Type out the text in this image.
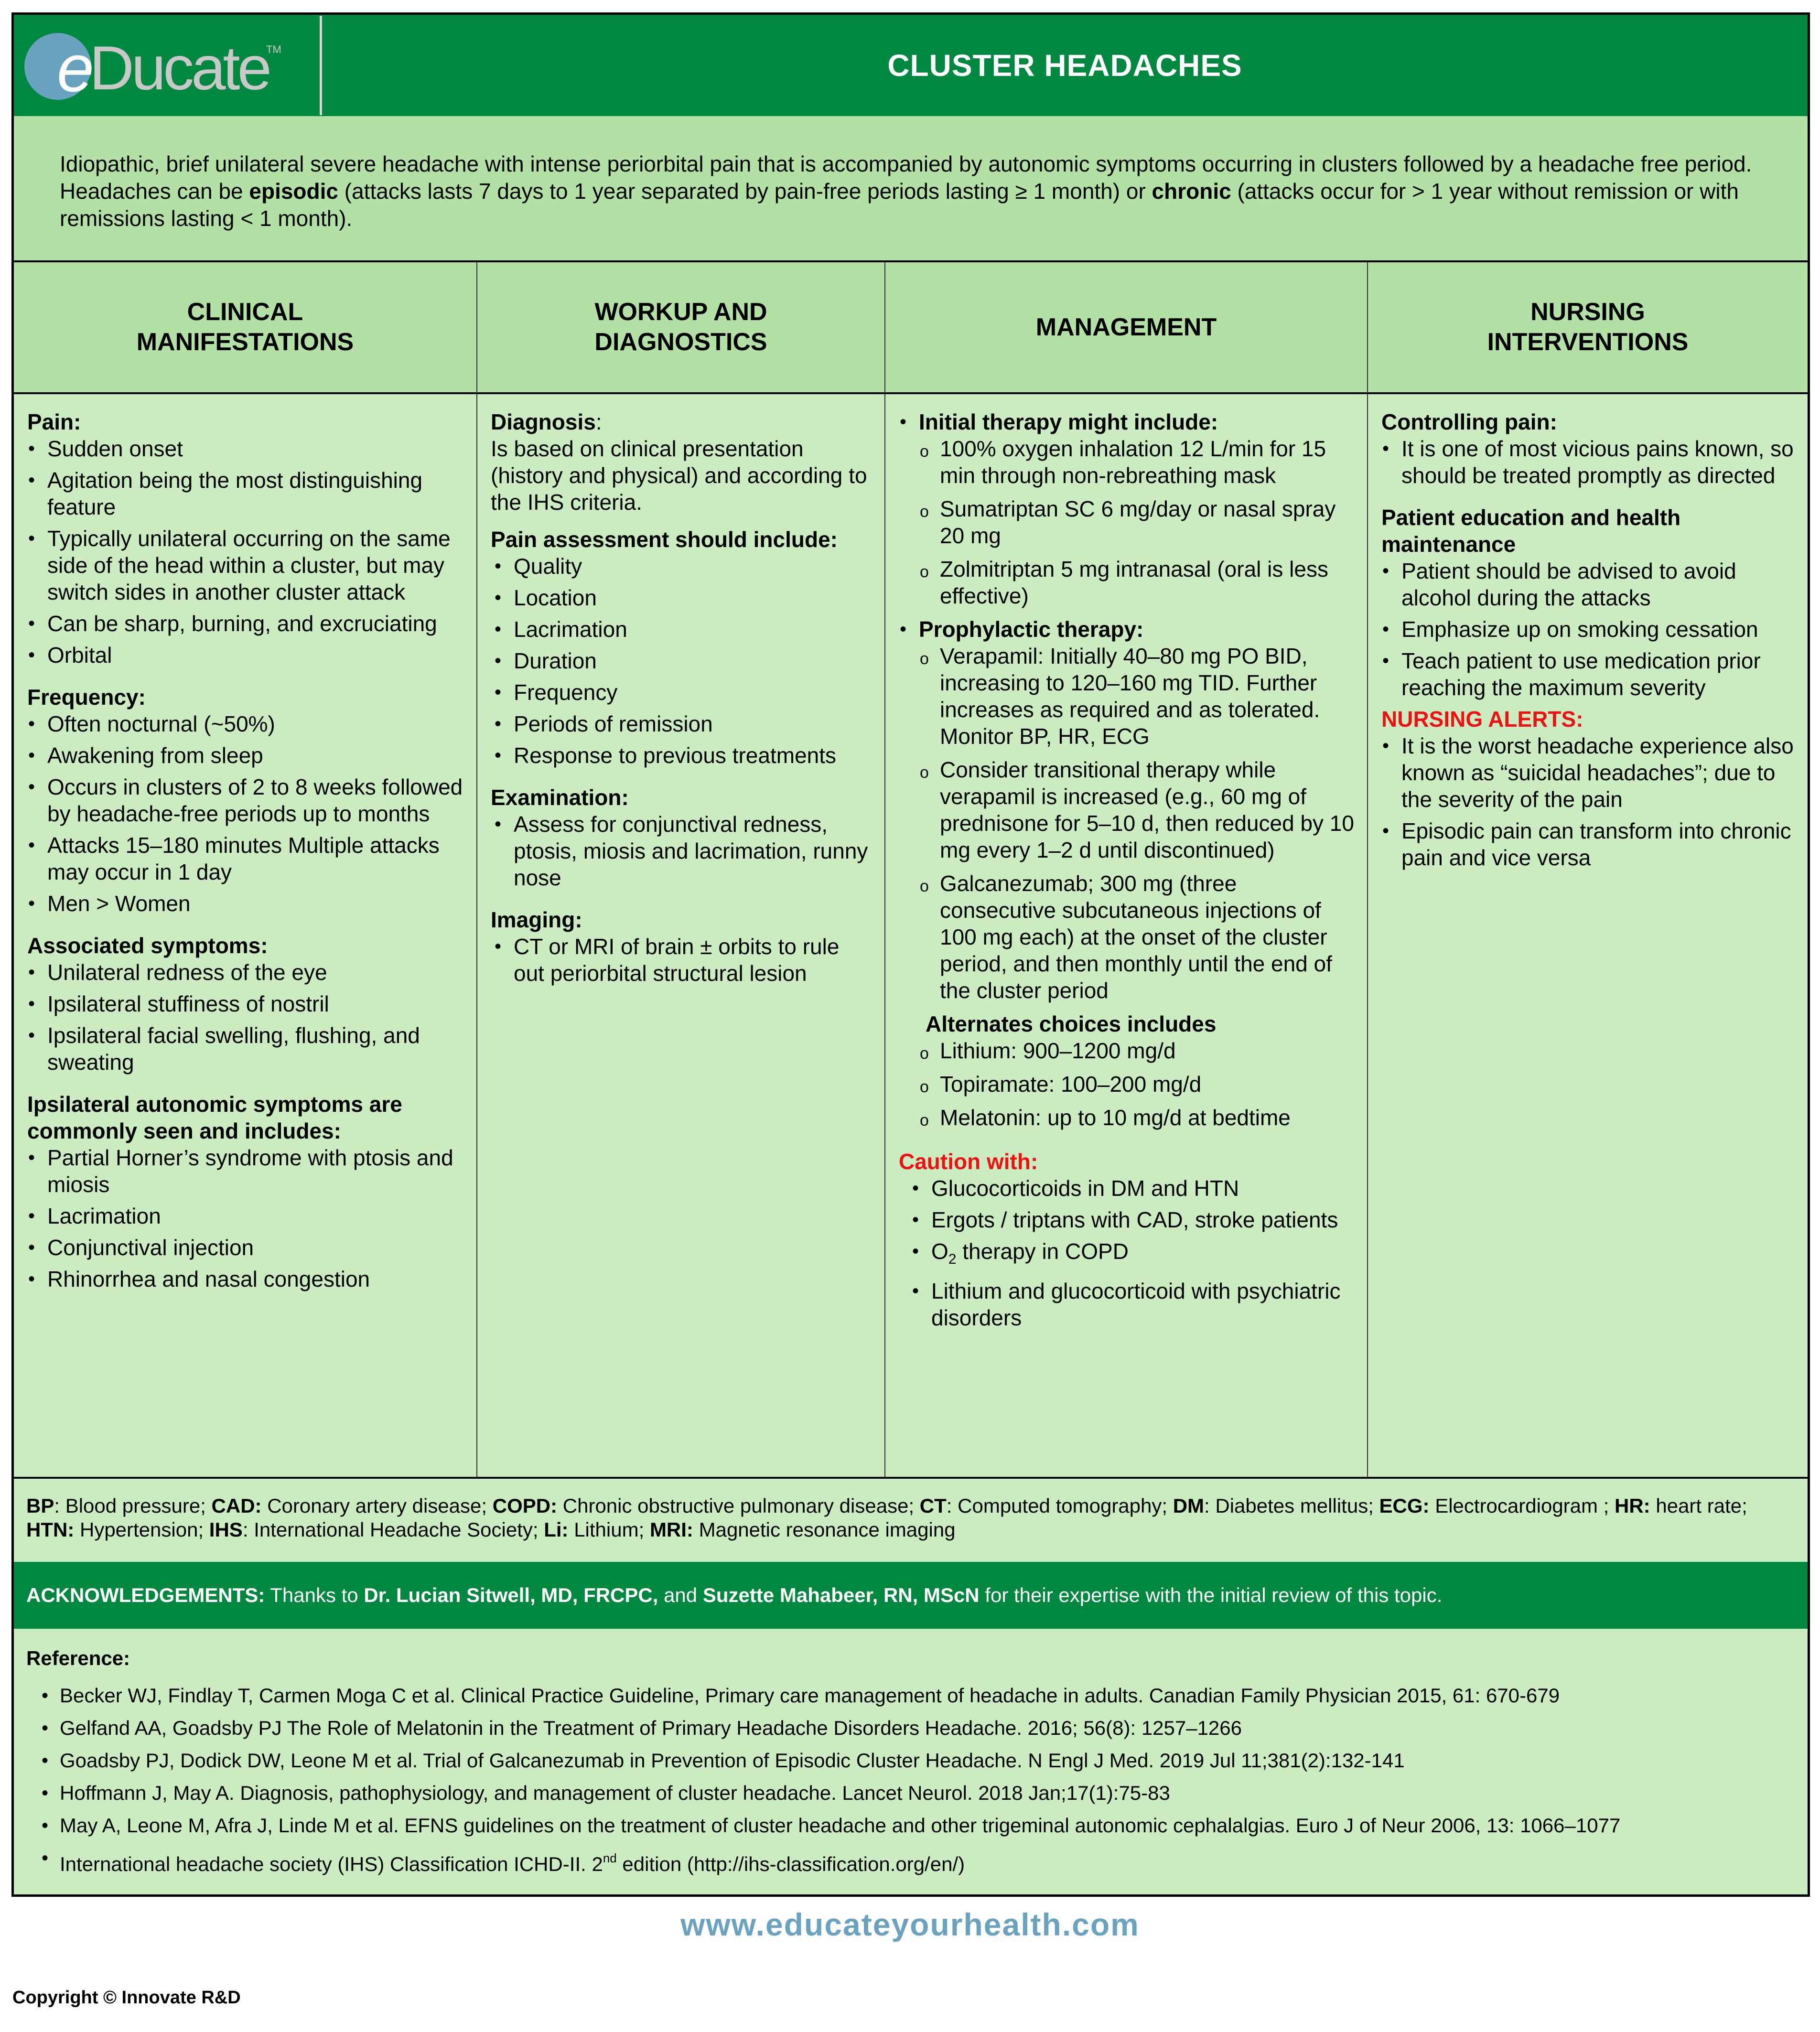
e
Ducate
TM	CLUSTER HEADACHES
Idiopathic, brief unilateral severe headache with intense periorbital pain that is accompanied by autonomic symptoms occurring in clusters followed by a headache free period. Headaches can be episodic (attacks lasts 7 days to 1 year separated by pain-free periods lasting ≥ 1 month) or chronic (attacks occur for > 1 year without remission or with remissions lasting < 1 month).
CLINICAL
MANIFESTATIONS
WORKUP AND
DIAGNOSTICS
MANAGEMENT
NURSING
INTERVENTIONS
Pain:
• Sudden onset
• Agitation being the most distinguishing feature
• Typically unilateral occurring on the same side of the head within a cluster, but may switch sides in another cluster attack
• Can be sharp, burning, and excruciating
• Orbital
Frequency:
• Often nocturnal (~50%)
• Awakening from sleep
• Occurs in clusters of 2 to 8 weeks followed by headache-free periods up to months
• Attacks 15–180 minutes Multiple attacks may occur in 1 day
• Men > Women
Associated symptoms:
• Unilateral redness of the eye
• Ipsilateral stuffiness of nostril
• Ipsilateral facial swelling, flushing, and sweating
Ipsilateral autonomic symptoms are commonly seen and includes:
• Partial Horner’s syndrome with ptosis and miosis
• Lacrimation
• Conjunctival injection
• Rhinorrhea and nasal congestion
Diagnosis:
Is based on clinical presentation (history and physical) and according to the IHS criteria.
Pain assessment should include:
• Quality
• Location
• Lacrimation
• Duration
• Frequency
• Periods of remission
• Response to previous treatments
Examination:
• Assess for conjunctival redness, ptosis, miosis and lacrimation, runny nose
Imaging:
• CT or MRI of brain ± orbits to rule out periorbital structural lesion
• Initial therapy might include:
o 100% oxygen inhalation 12 L/min for 15 min through non-rebreathing mask
o Sumatriptan SC 6 mg/day or nasal spray 20 mg
o Zolmitriptan 5 mg intranasal (oral is less effective)
• Prophylactic therapy:
o Verapamil: Initially 40–80 mg PO BID, increasing to 120–160 mg TID. Further increases as required and as tolerated. Monitor BP, HR, ECG
o Consider transitional therapy while verapamil is increased (e.g., 60 mg of prednisone for 5–10 d, then reduced by 10 mg every 1–2 d until discontinued)
o Galcanezumab; 300 mg (three consecutive subcutaneous injections of 100 mg each) at the onset of the cluster period, and then monthly until the end of the cluster period
Alternates choices includes
o Lithium: 900–1200 mg/d
o Topiramate: 100–200 mg/d
o Melatonin: up to 10 mg/d at bedtime
Caution with:
• Glucocorticoids in DM and HTN
• Ergots / triptans with CAD, stroke patients
• $O_2$ therapy in COPD
• Lithium and glucocorticoid with psychiatric disorders
Controlling pain:
• It is one of most vicious pains known, so should be treated promptly as directed
Patient education and health maintenance
• Patient should be advised to avoid alcohol during the attacks
• Emphasize up on smoking cessation
• Teach patient to use medication prior reaching the maximum severity
NURSING ALERTS:
• It is the worst headache experience also known as “suicidal headaches”; due to the severity of the pain
• Episodic pain can transform into chronic pain and vice versa
BP: Blood pressure; CAD: Coronary artery disease; COPD: Chronic obstructive pulmonary disease; CT: Computed tomography; DM: Diabetes mellitus; ECG: Electrocardiogram ; HR: heart rate; HTN: Hypertension; IHS: International Headache Society; Li: Lithium; MRI: Magnetic resonance imaging
ACKNOWLEDGEMENTS: Thanks to Dr. Lucian Sitwell, MD, FRCPC, and Suzette Mahabeer, RN, MScN for their expertise with the initial review of this topic.
Reference:
• Becker WJ, Findlay T, Carmen Moga C et al. Clinical Practice Guideline, Primary care management of headache in adults. Canadian Family Physician 2015, 61: 670-679
• Gelfand AA, Goadsby PJ The Role of Melatonin in the Treatment of Primary Headache Disorders Headache. 2016; 56(8): 1257–1266
• Goadsby PJ, Dodick DW, Leone M et al. Trial of Galcanezumab in Prevention of Episodic Cluster Headache. N Engl J Med. 2019 Jul 11;381(2):132-141
• Hoffmann J, May A. Diagnosis, pathophysiology, and management of cluster headache. Lancet Neurol. 2018 Jan;17(1):75-83
• May A, Leone M, Afra J, Linde M et al. EFNS guidelines on the treatment of cluster headache and other trigeminal autonomic cephalalgias. Euro J of Neur 2006, 13: 1066–1077
• International headache society (IHS) Classification ICHD-II. 2nd edition (http://ihs-classification.org/en/)
www.educateyourhealth.com
Copyright © Innovate R&D
